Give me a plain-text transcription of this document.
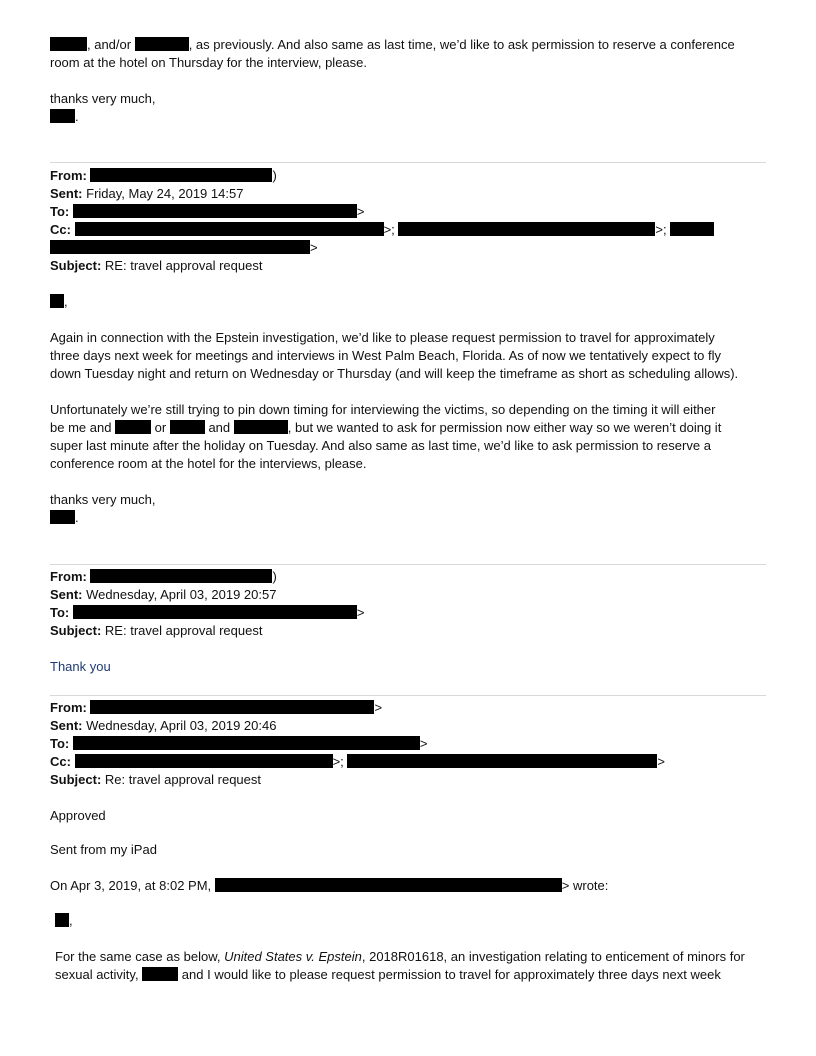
, and/or	, as previously. And also same as last time, we’d like to ask permission to reserve a conference
room at the hotel on Thursday for the interview, please.
thanks very much,
.
From:	)
Sent: Friday, May 24, 2019 14:57
To:	>
Cc:	>;	>;
>
Subject: RE: travel approval request
,
Again in connection with the Epstein investigation, we’d like to please request permission to travel for approximately
three days next week for meetings and interviews in West Palm Beach, Florida. As of now we tentatively expect to fly
down Tuesday night and return on Wednesday or Thursday (and will keep the timeframe as short as scheduling allows).
Unfortunately we’re still trying to pin down timing for interviewing the victims, so depending on the timing it will either
be me and	or	and	, but we wanted to ask for permission now either way so we weren’t doing it
super last minute after the holiday on Tuesday. And also same as last time, we’d like to ask permission to reserve a
conference room at the hotel for the interviews, please.
thanks very much,
.
From:	)
Sent: Wednesday, April 03, 2019 20:57
To:	>
Subject: RE: travel approval request
Thank you
From:	>
Sent: Wednesday, April 03, 2019 20:46
To:	>
Cc:	>;	>
Subject: Re: travel approval request
Approved
Sent from my iPad
On Apr 3, 2019, at 8:02 PM,	> wrote:
,
For the same case as below, United States v. Epstein, 2018R01618, an investigation relating to enticement of minors for
sexual activity,	and I would like to please request permission to travel for approximately three days next week
